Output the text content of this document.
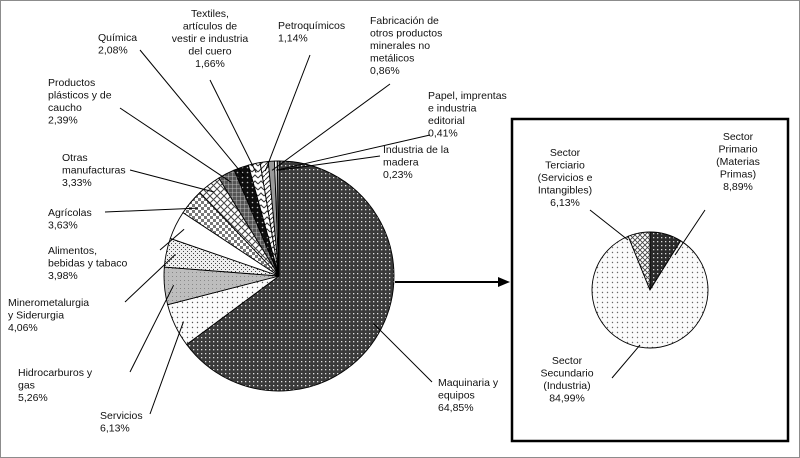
Maquinaria y equipos 64,85%
Servicios 6,13%
Hidrocarburos y gas 5,26%
Minerometalurgia y Siderurgia 4,06%
Alimentos, bebidas y tabaco 3,98%
Agrícolas 3,63%
Otras manufacturas 3,33%
Productos plásticos y de caucho 2,39%
Química 2,08%
Textiles, artículos de vestir e industria del cuero 1,66%
Petroquímicos 1,14%
Fabricación de otros productos minerales no metálicos 0,86%
Papel, imprentas e industria editorial 0,41%
Industria de la madera 0,23%
Sector Primario (Materias Primas) 8,89%
Sector Secundario (Industria) 84,99%
Sector Terciario (Servicios e Intangibles) 6,13%
